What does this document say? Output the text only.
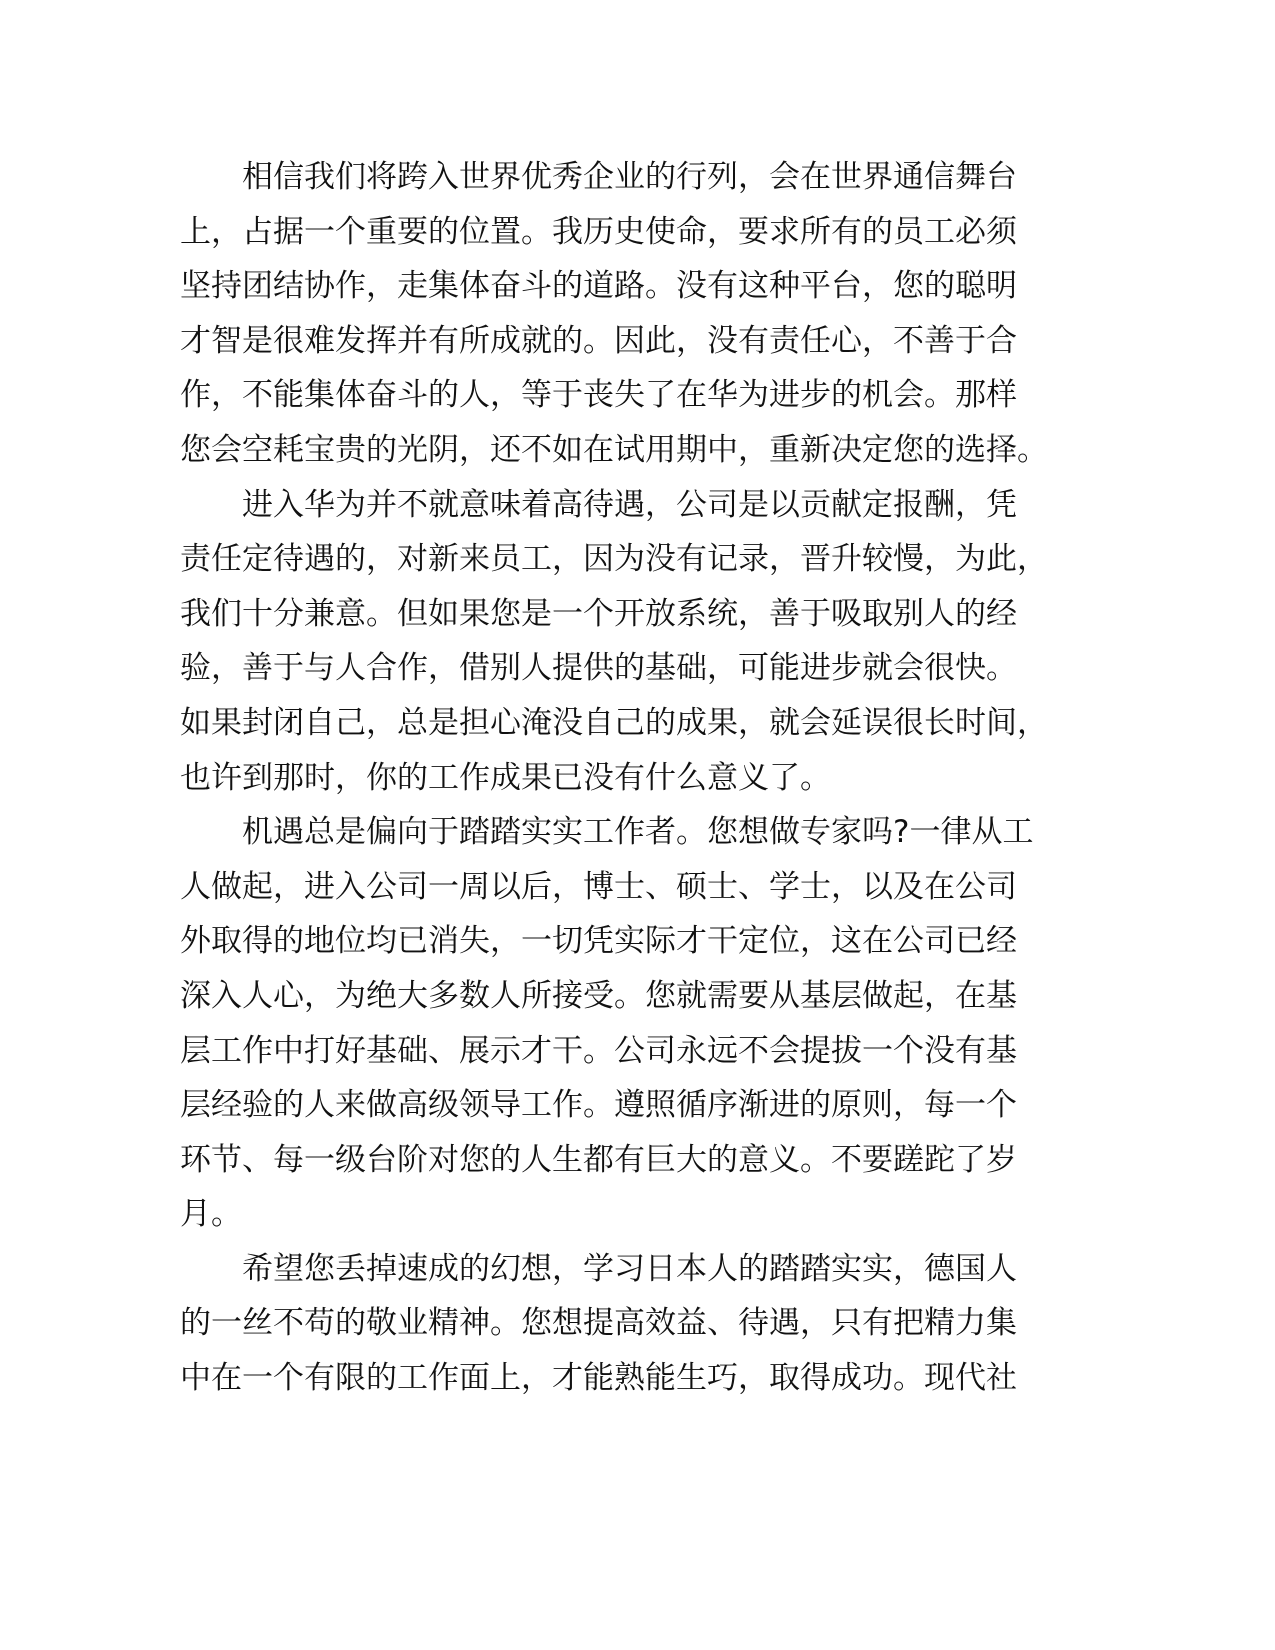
相信我们将跨入世界优秀企业的行列，会在世界通信舞台
上，占据一个重要的位置。我历史使命，要求所有的员工必须
坚持团结协作，走集体奋斗的道路。没有这种平台，您的聪明
才智是很难发挥并有所成就的。因此，没有责任心，不善于合
作，不能集体奋斗的人，等于丧失了在华为进步的机会。那样
您会空耗宝贵的光阴，还不如在试用期中，重新决定您的选择。
进入华为并不就意味着高待遇，公司是以贡献定报酬，凭
责任定待遇的，对新来员工，因为没有记录，晋升较慢，为此，
我们十分兼意。但如果您是一个开放系统，善于吸取别人的经
验，善于与人合作，借别人提供的基础，可能进步就会很快。
如果封闭自己，总是担心淹没自己的成果，就会延误很长时间，
也许到那时，你的工作成果已没有什么意义了。
机遇总是偏向于踏踏实实工作者。您想做专家吗?一律从工
人做起，进入公司一周以后，博士、硕士、学士，以及在公司
外取得的地位均已消失，一切凭实际才干定位，这在公司已经
深入人心，为绝大多数人所接受。您就需要从基层做起，在基
层工作中打好基础、展示才干。公司永远不会提拔一个没有基
层经验的人来做高级领导工作。遵照循序渐进的原则，每一个
环节、每一级台阶对您的人生都有巨大的意义。不要蹉跎了岁
月。
希望您丢掉速成的幻想，学习日本人的踏踏实实，德国人
的一丝不苟的敬业精神。您想提高效益、待遇，只有把精力集
中在一个有限的工作面上，才能熟能生巧，取得成功。现代社
